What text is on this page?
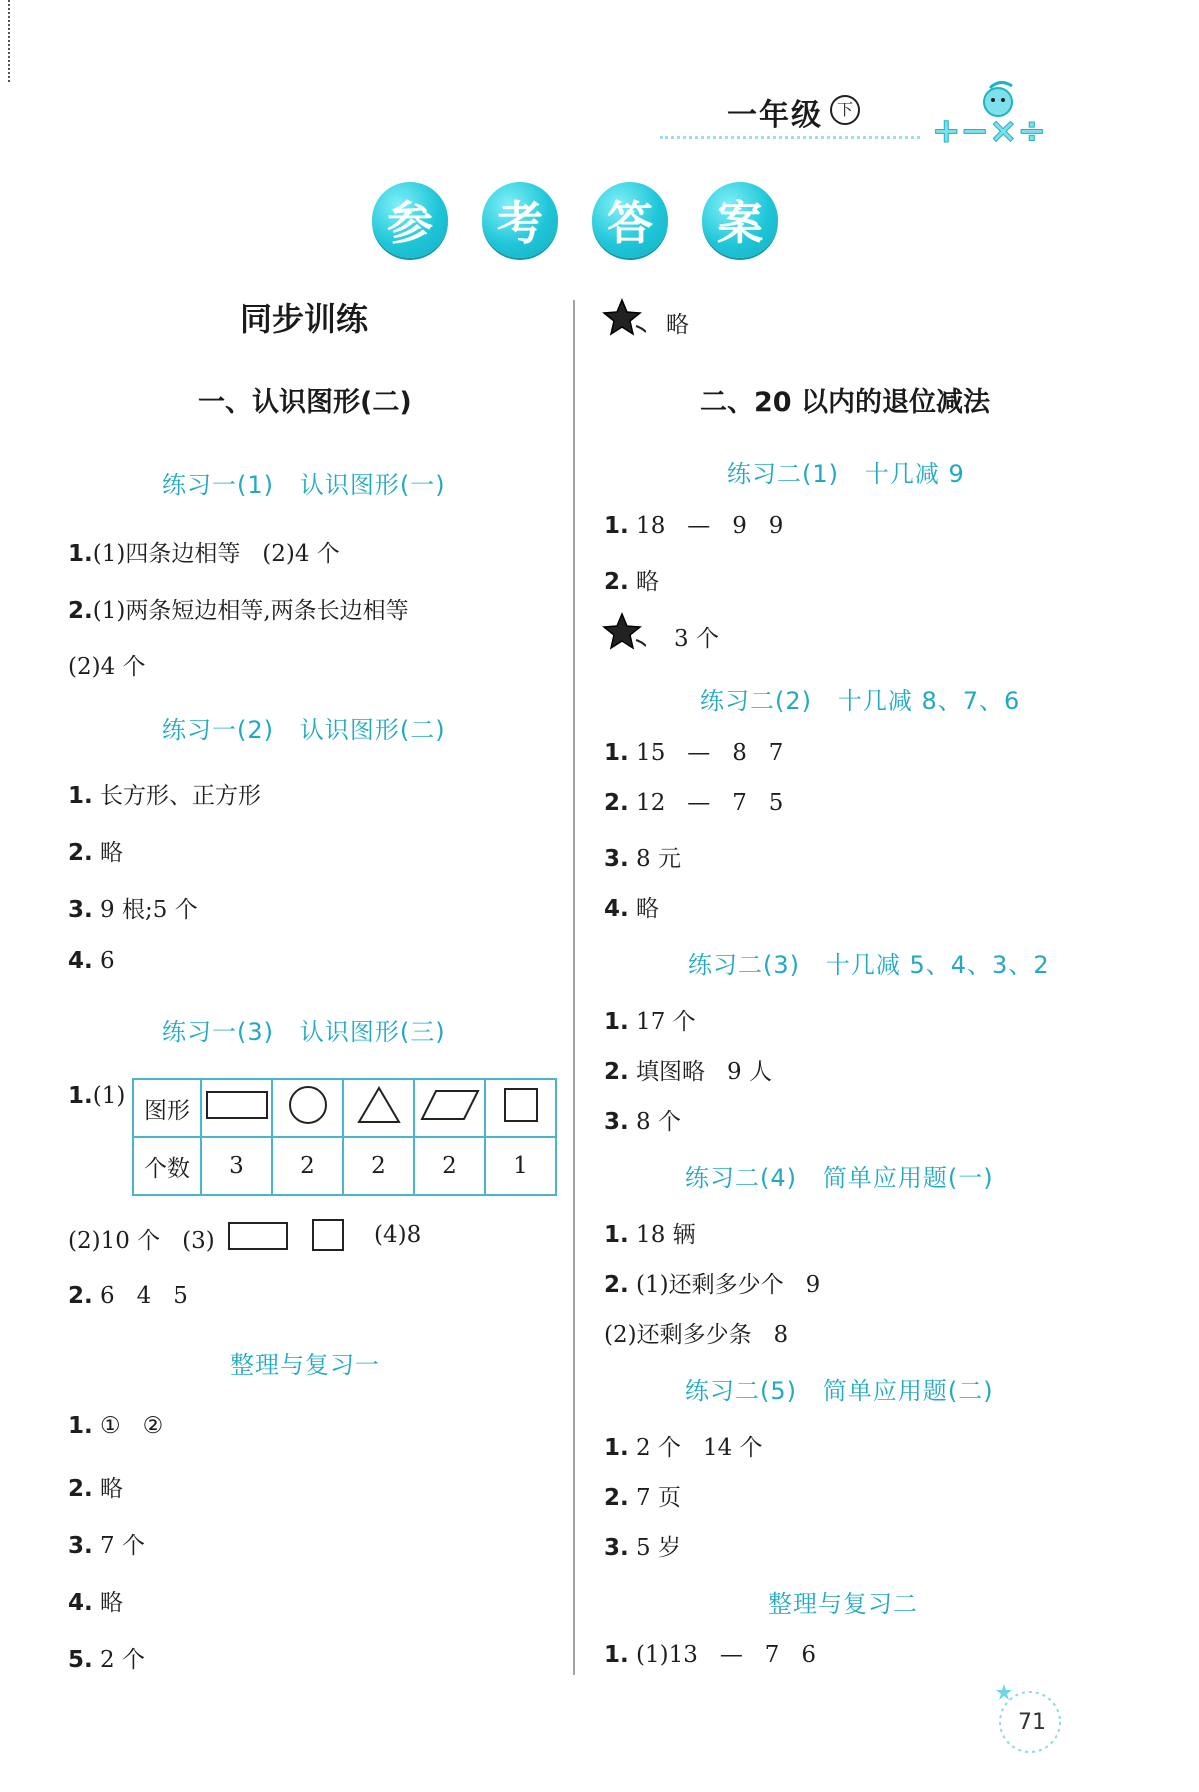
一年级 下
+−×÷
参	考	答	案
同步训练
一、认识图形(二)
练习一(1)   认识图形(一)
1.(1)四条边相等   (2)4 个
2.(1)两条短边相等,两条长边相等
(2)4 个
练习一(2)   认识图形(二)
1. 长方形、正方形
2. 略
3. 9 根;5 个
4. 6
练习一(3)   认识图形(三)
1.(1)
图形					
个数	3	2	2	2	1
(2)10 个   (3)	(4)8
2. 6   4   5
整理与复习一
1. ①   ②
2. 略
3. 7 个
4. 略
5. 2 个
略
二、20 以内的退位减法
练习二(1)   十几减 9
1. 18   —   9   9
2. 略
3 个
练习二(2)   十几减 8、7、6
1. 15   —   8   7
2. 12   —   7   5
3. 8 元
4. 略
练习二(3)   十几减 5、4、3、2
1. 17 个
2. 填图略   9 人
3. 8 个
练习二(4)   简单应用题(一)
1. 18 辆
2. (1)还剩多少个   9
(2)还剩多少条   8
练习二(5)   简单应用题(二)
1. 2 个   14 个
2. 7 页
3. 5 岁
整理与复习二
1. (1)13   —   7   6
71
